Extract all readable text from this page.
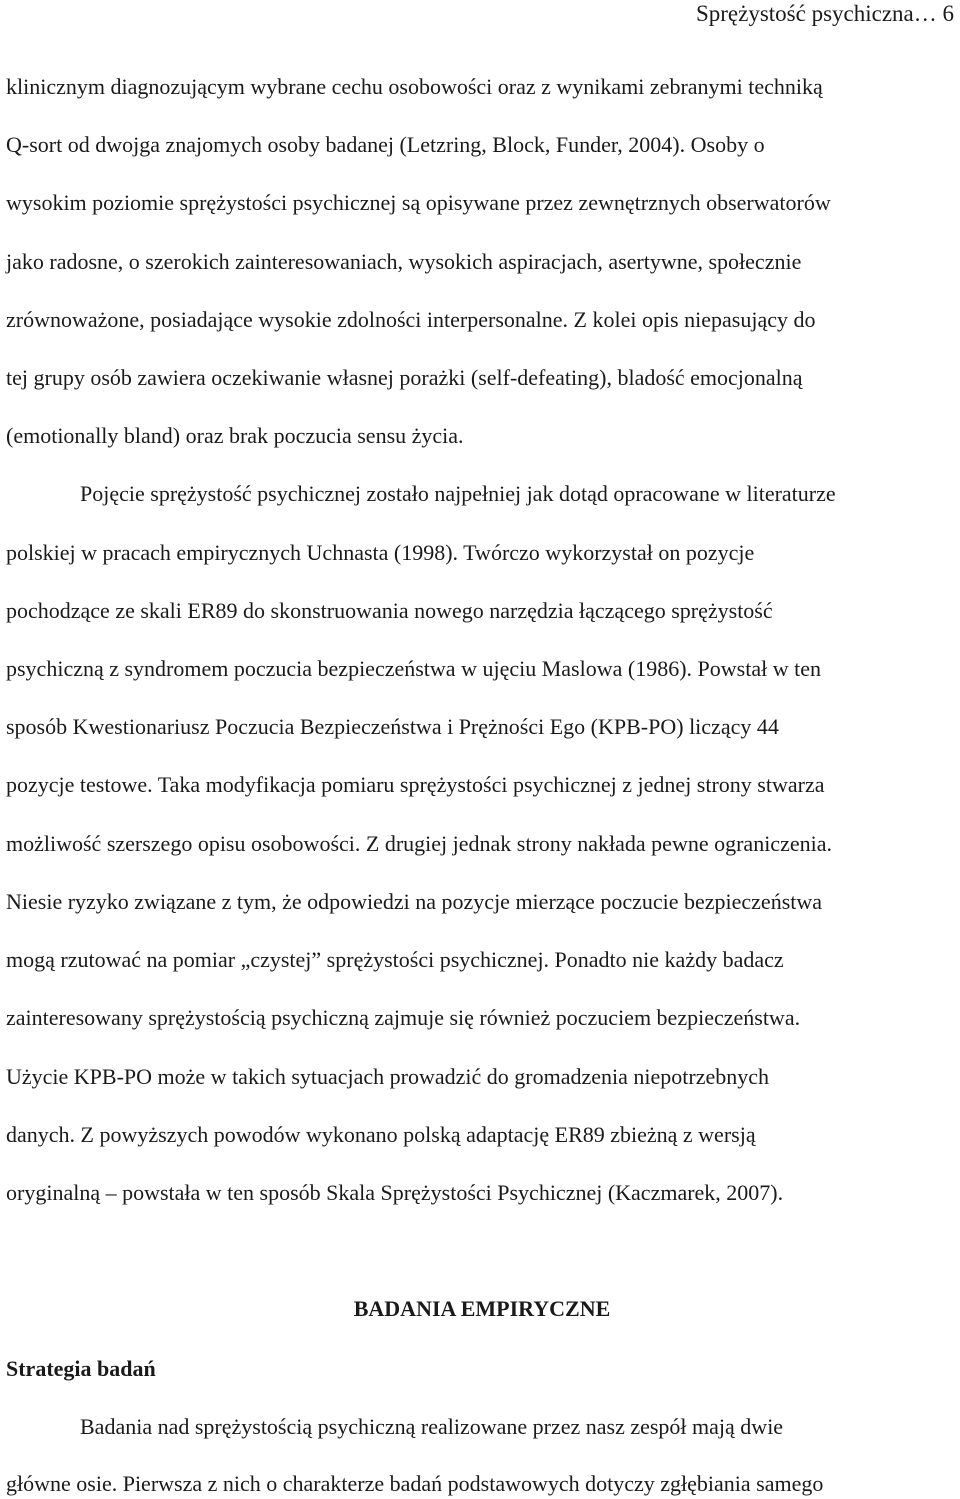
Sprężystość psychiczna… 6
klinicznym diagnozującym wybrane cechu osobowości oraz z wynikami zebranymi techniką
Q-sort od dwojga znajomych osoby badanej (Letzring, Block, Funder, 2004). Osoby o
wysokim poziomie sprężystości psychicznej są opisywane przez zewnętrznych obserwatorów
jako radosne, o szerokich zainteresowaniach, wysokich aspiracjach, asertywne, społecznie
zrównoważone, posiadające wysokie zdolności interpersonalne. Z kolei opis niepasujący do
tej grupy osób zawiera oczekiwanie własnej porażki (self-defeating), bladość emocjonalną
(emotionally bland) oraz brak poczucia sensu życia.
Pojęcie sprężystość psychicznej zostało najpełniej jak dotąd opracowane w literaturze
polskiej w pracach empirycznych Uchnasta (1998). Twórczo wykorzystał on pozycje
pochodzące ze skali ER89 do skonstruowania nowego narzędzia łączącego sprężystość
psychiczną z syndromem poczucia bezpieczeństwa w ujęciu Maslowa (1986). Powstał w ten
sposób Kwestionariusz Poczucia Bezpieczeństwa i Prężności Ego (KPB-PO) liczący 44
pozycje testowe. Taka modyfikacja pomiaru sprężystości psychicznej z jednej strony stwarza
możliwość szerszego opisu osobowości. Z drugiej jednak strony nakłada pewne ograniczenia.
Niesie ryzyko związane z tym, że odpowiedzi na pozycje mierzące poczucie bezpieczeństwa
mogą rzutować na pomiar „czystej” sprężystości psychicznej. Ponadto nie każdy badacz
zainteresowany sprężystością psychiczną zajmuje się również poczuciem bezpieczeństwa.
Użycie KPB-PO może w takich sytuacjach prowadzić do gromadzenia niepotrzebnych
danych. Z powyższych powodów wykonano polską adaptację ER89 zbieżną z wersją
oryginalną – powstała w ten sposób Skala Sprężystości Psychicznej (Kaczmarek, 2007).
BADANIA EMPIRYCZNE
Strategia badań
Badania nad sprężystością psychiczną realizowane przez nasz zespół mają dwie
główne osie. Pierwsza z nich o charakterze badań podstawowych dotyczy zgłębiania samego
